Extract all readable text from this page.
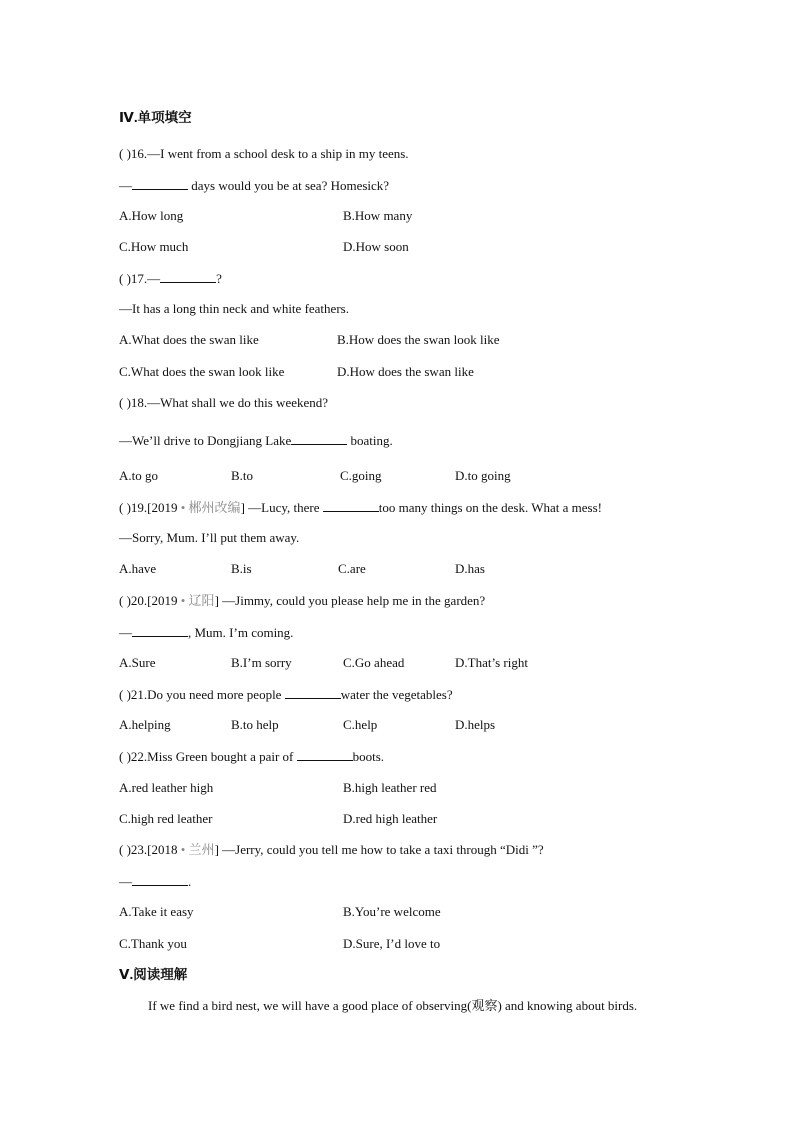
Ⅳ.单项填空
( )16.—I went from a school desk to a ship in my teens.
—	days would you be at sea? Homesick?
A.How long	B.How many
C.How much	D.How soon
( )17.—	?
—It has a long thin neck and white feathers.
A.What does the swan like	B.How does the swan look like
C.What does the swan look like	D.How does the swan like
( )18.—What shall we do this weekend?
—We’ll drive to Dongjiang Lake	boating.
A.to go	B.to	C.going	D.to going
( )19.[2019 • 郴州改编] —Lucy, there	too many things on the desk. What a mess!
—Sorry, Mum. I’ll put them away.
A.have	B.is	C.are	D.has
( )20.[2019 • 辽阳] —Jimmy, could you please help me in the garden?
—	, Mum. I’m coming.
A.Sure	B.I’m sorry	C.Go ahead	D.That’s right
( )21.Do you need more people	water the vegetables?
A.helping	B.to help	C.help	D.helps
( )22.Miss Green bought a pair of	boots.
A.red leather high	B.high leather red
C.high red leather	D.red high leather
( )23.[2018 • 兰州] —Jerry, could you tell me how to take a taxi through “Didi ”?
—	.
A.Take it easy	B.You’re welcome
C.Thank you	D.Sure, I’d love to
Ⅴ.阅读理解
If we find a bird nest, we will have a good place of observing(观察) and knowing about birds.
